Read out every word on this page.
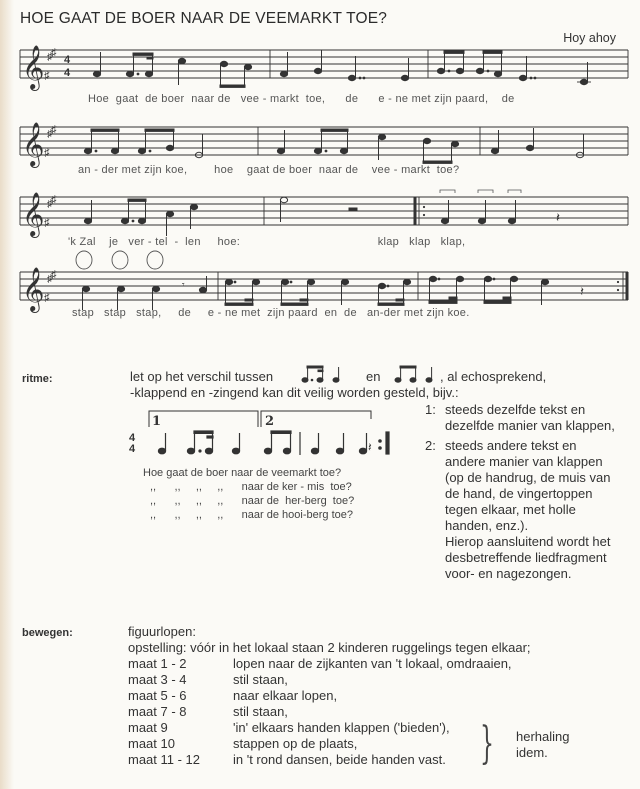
HOE GAAT DE BOER NAAR DE VEEMARKT TOE?
Hoy ahoy
𝄞 ♯
♯
♯
4
4
Hoe  gaat  de boer  naar de   vee - markt  toe,      de      e - ne met zijn paard,    de
𝄞 ♯
♯
♯
an - der met zijn koe,        hoe    gaat de boer  naar de    vee - markt  toe?
𝄞 ♯
♯
♯	𝄽
'k Zal    je   ver - tel  -  len     hoe:                                         klap   klap   klap,
𝄞 ♯
♯
♯
𝄾	𝄽
stap   stap   stap,     de     e - ne met  zijn paard  en  de   an-der met zijn koe.
ritme:	let op het verschil tussen	en	, al echosprekend,
-klappend en -zingend kan dit veilig worden gesteld, bijv.:
1	2
4
4	𝄽
Hoe gaat de boer naar de veemarkt toe?
,,      ,,     ,,     ,,      naar de ker - mis  toe?
,,      ,,     ,,     ,,      naar de  her-berg  toe?
,,      ,,     ,,     ,,      naar de hooi-berg toe?
1: steeds dezelfde tekst en
dezelfde manier van klappen,
2: steeds andere tekst en
andere manier van klappen
(op de handrug, de muis van
de hand, de vingertoppen
tegen elkaar, met holle
handen, enz.).
Hierop aansluitend wordt het
desbetreffende liedfragment
voor- en nagezongen.
bewegen:	figuurlopen:
opstelling: vóór in het lokaal staan 2 kinderen ruggelings tegen elkaar;
maat 1 - 2	lopen naar de zijkanten van 't lokaal, omdraaien,
maat 3 - 4	stil staan,
maat 5 - 6	naar elkaar lopen,
maat 7 - 8	stil staan,
maat 9	'in' elkaars handen klappen ('bieden'),
maat 10	stappen op de plaats,
maat 11 - 12	in 't rond dansen, beide handen vast. } herhaling
idem.
